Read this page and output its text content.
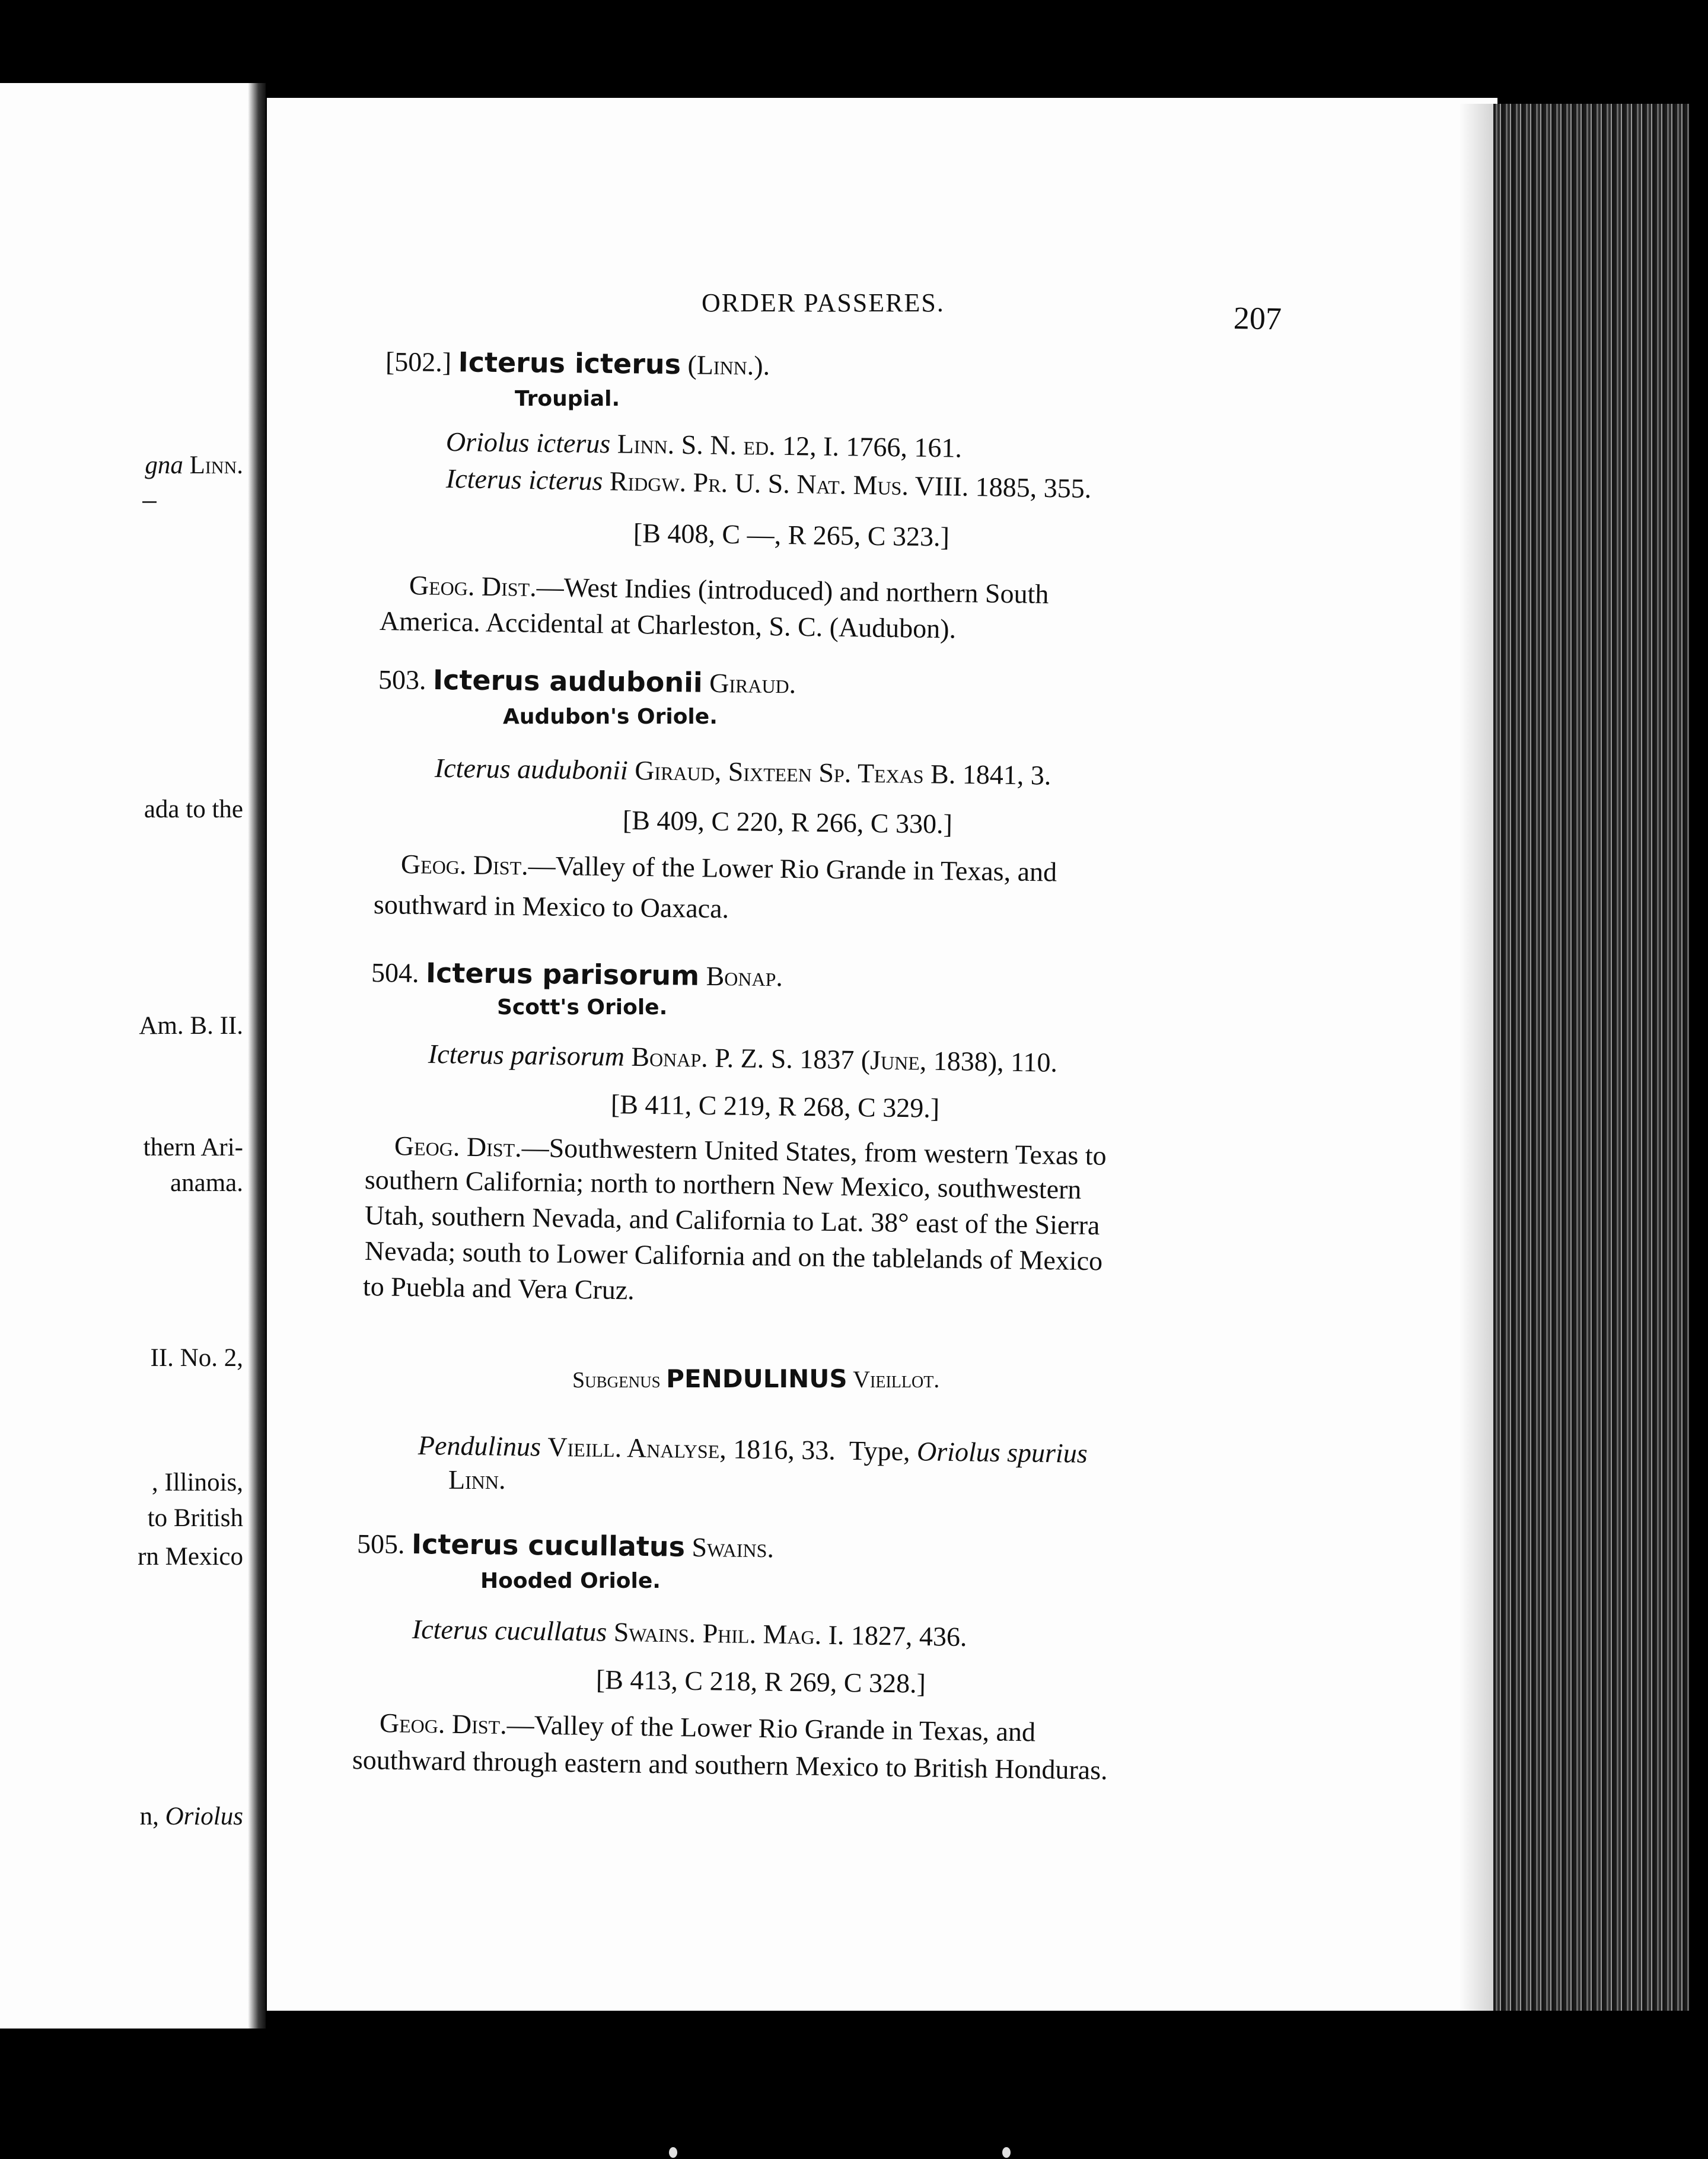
gna Linn.
ada to the
Am. B. II.
thern Ari-
anama.
II. No. 2,
, Illinois,
to British
rn Mexico
n, Oriolus
ORDER PASSERES.	207
[502.] Icterus icterus (Linn.).
Troupial.
Oriolus icterus Linn. S. N. ed. 12, I. 1766, 161.
Icterus icterus Ridgw. Pr. U. S. Nat. Mus. VIII. 1885, 355.
[B 408, C —, R 265, C 323.]
Geog. Dist.—West Indies (introduced) and northern South
America. Accidental at Charleston, S. C. (Audubon).
503. Icterus audubonii Giraud.
Audubon's Oriole.
Icterus audubonii Giraud, Sixteen Sp. Texas B. 1841, 3.
[B 409, C 220, R 266, C 330.]
Geog. Dist.—Valley of the Lower Rio Grande in Texas, and
southward in Mexico to Oaxaca.
504. Icterus parisorum Bonap.
Scott's Oriole.
Icterus parisorum Bonap. P. Z. S. 1837 (June, 1838), 110.
[B 411, C 219, R 268, C 329.]
Geog. Dist.—Southwestern United States, from western Texas to
southern California; north to northern New Mexico, southwestern
Utah, southern Nevada, and California to Lat. 38° east of the Sierra
Nevada; south to Lower California and on the tablelands of Mexico
to Puebla and Vera Cruz.
Subgenus PENDULINUS Vieillot.
Pendulinus Vieill. Analyse, 1816, 33. Type, Oriolus spurius
Linn.
505. Icterus cucullatus Swains.
Hooded Oriole.
Icterus cucullatus Swains. Phil. Mag. I. 1827, 436.
[B 413, C 218, R 269, C 328.]
Geog. Dist.—Valley of the Lower Rio Grande in Texas, and
southward through eastern and southern Mexico to British Honduras.
